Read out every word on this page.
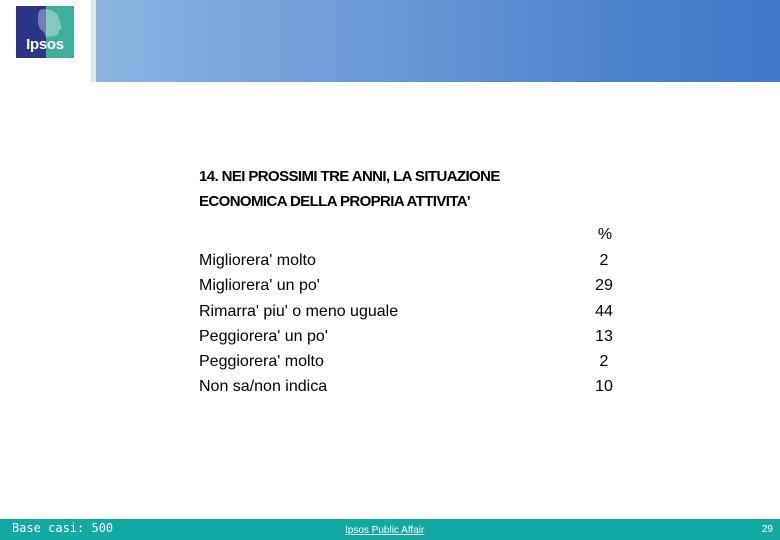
Ipsos
14. NEI PROSSIMI TRE ANNI, LA SITUAZIONE
ECONOMICA DELLA PROPRIA ATTIVITA'
%
Migliorera' molto	2
Migliorera' un po'	29
Rimarra' piu' o meno uguale	44
Peggiorera' un po'	13
Peggiorera' molto	2
Non sa/non indica	10
Base casi: 500	Ipsos Public Affair	29
